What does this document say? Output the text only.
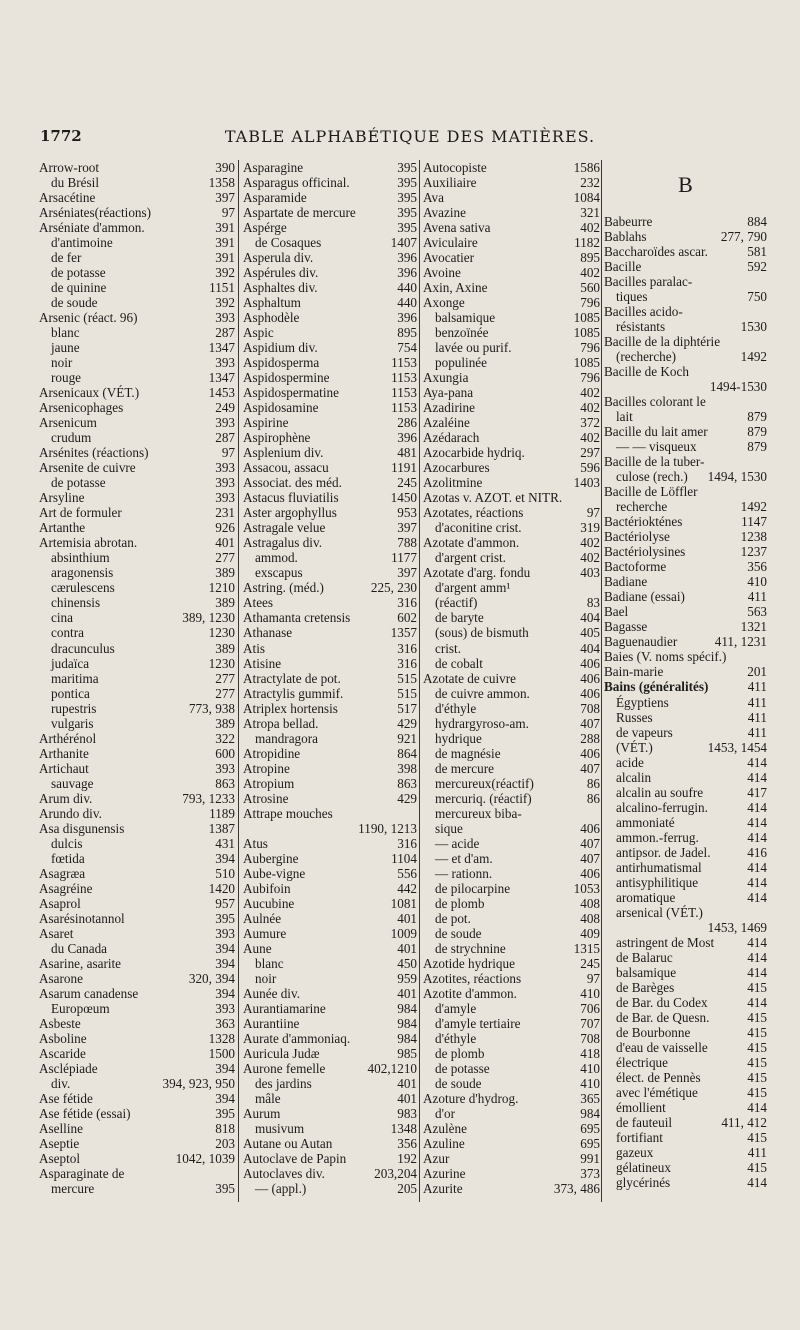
1772	TABLE ALPHABÉTIQUE DES MATIÈRES.
Arrow-root	390
du Brésil	1358
Arsacétine	397
Arséniates(réactions)	97
Arséniate d'ammon.	391
d'antimoine	391
de fer	391
de potasse	392
de quinine	1151
de soude	392
Arsenic (réact. 96)	393
blanc	287
jaune	1347
noir	393
rouge	1347
Arsenicaux (VÉT.)	1453
Arsenicophages	249
Arsenicum	393
crudum	287
Arsénites (réactions)	97
Arsenite de cuivre	393
de potasse	393
Arsyline	393
Art de formuler	231
Artanthe	926
Artemisia abrotan.	401
absinthium	277
aragonensis	389
cærulescens	1210
chinensis	389
cina	389, 1230
contra	1230
dracunculus	389
judaïca	1230
maritima	277
pontica	277
rupestris	773, 938
vulgaris	389
Arthérénol	322
Arthanite	600
Artichaut	393
sauvage	863
Arum div.	793, 1233
Arundo div.	1189
Asa disgunensis	1387
dulcis	431
fœtida	394
Asagræa	510
Asagréine	1420
Asaprol	957
Asarésinotannol	395
Asaret	393
du Canada	394
Asarine, asarite	394
Asarone	320, 394
Asarum canadense	394
Europœum	393
Asbeste	363
Asboline	1328
Ascaride	1500
Asclépiade	394
div.	394, 923, 950
Ase fétide	394
Ase fétide (essai)	395
Aselline	818
Aseptie	203
Aseptol	1042, 1039
Asparaginate de
mercure	395
Asparagine	395
Asparagus officinal.	395
Asparamide	395
Aspartate de mercure	395
Aspérge	395
de Cosaques	1407
Asperula div.	396
Aspérules div.	396
Asphaltes div.	440
Asphaltum	440
Asphodèle	396
Aspic	895
Aspidium div.	754
Aspidosperma	1153
Aspidospermine	1153
Aspidospermatine	1153
Aspidosamine	1153
Aspirine	286
Aspirophène	396
Asplenium div.	481
Assacou, assacu	1191
Associat. des méd.	245
Astacus fluviatilis	1450
Aster argophyllus	953
Astragale velue	397
Astragalus div.	788
ammod.	1177
exscapus	397
Astring. (méd.)	225, 230
Atees	316
Athamanta cretensis	602
Athanase	1357
Atis	316
Atisine	316
Atractylate de pot.	515
Atractylis gummif.	515
Atriplex hortensis	517
Atropa bellad.	429
mandragora	921
Atropidine	864
Atropine	398
Atropium	863
Atrosine	429
Attrape mouches
1190, 1213
Atus	316
Aubergine	1104
Aube-vigne	556
Aubifoin	442
Aucubine	1081
Aulnée	401
Aumure	1009
Aune	401
blanc	450
noir	959
Aunée div.	401
Aurantiamarine	984
Aurantiine	984
Aurate d'ammoniaq.	984
Auricula Judæ	985
Aurone femelle	402,1210
des jardins	401
mâle	401
Aurum	983
musivum	1348
Autane ou Autan	356
Autoclave de Papin	192
Autoclaves div.	203,204
— (appl.)	205
Autocopiste	1586
Auxiliaire	232
Ava	1084
Avazine	321
Avena sativa	402
Aviculaire	1182
Avocatier	895
Avoine	402
Axin, Axine	560
Axonge	796
balsamique	1085
benzoïnée	1085
lavée ou purif.	796
populinée	1085
Axungia	796
Aya-pana	402
Azadirine	402
Azaléine	372
Azédarach	402
Azocarbide hydriq.	297
Azocarbures	596
Azolitmine	1403
Azotas v. AZOT. et NITR.
Azotates, réactions	97
d'aconitine crist.	319
Azotate d'ammon.	402
d'argent crist.	402
Azotate d'arg. fondu	403
d'argent amm¹
(réactif)	83
de baryte	404
(sous) de bismuth	405
crist.	404
de cobalt	406
Azotate de cuivre	406
de cuivre ammon.	406
d'éthyle	708
hydrargyroso-am.	407
hydrique	288
de magnésie	406
de mercure	407
mercureux(réactif)	86
mercuriq. (réactif)	86
mercureux biba-
sique	406
— acide	407
— et d'am.	407
— rationn.	406
de pilocarpine	1053
de plomb	408
de pot.	408
de soude	409
de strychnine	1315
Azotide hydrique	245
Azotites, réactions	97
Azotite d'ammon.	410
d'amyle	706
d'amyle tertiaire	707
d'éthyle	708
de plomb	418
de potasse	410
de soude	410
Azoture d'hydrog.	365
d'or	984
Azulène	695
Azuline	695
Azur	991
Azurine	373
Azurite	373, 486
B
Babeurre	884
Bablahs	277, 790
Baccharoïdes ascar.	581
Bacille	592
Bacilles paralac-
tiques	750
Bacilles acido-
résistants	1530
Bacille de la diphtérie
(recherche)	1492
Bacille de Koch
1494-1530
Bacilles colorant le
lait	879
Bacille du lait amer	879
— — visqueux	879
Bacille de la tuber-
culose (rech.)	1494, 1530
Bacille de Löffler
recherche	1492
Bactériokténes	1147
Bactériolyse	1238
Bactériolysines	1237
Bactoforme	356
Badiane	410
Badiane (essai)	411
Bael	563
Bagasse	1321
Baguenaudier	411, 1231
Baies (V. noms spécif.)
Bain-marie	201
Bains (généralités)	411
Égyptiens	411
Russes	411
de vapeurs	411
(VÉT.)	1453, 1454
acide	414
alcalin	414
alcalin au soufre	417
alcalino-ferrugin.	414
ammoniaté	414
ammon.-ferrug.	414
antipsor. de Jadel.	416
antirhumatismal	414
antisyphilitique	414
aromatique	414
arsenical (VÉT.)
1453, 1469
astringent de Most	414
de Balaruc	414
balsamique	414
de Barèges	415
de Bar. du Codex	414
de Bar. de Quesn.	415
de Bourbonne	415
d'eau de vaisselle	415
électrique	415
élect. de Pennès	415
avec l'émétique	415
émollient	414
de fauteuil	411, 412
fortifiant	415
gazeux	411
gélatineux	415
glycérinés	414
